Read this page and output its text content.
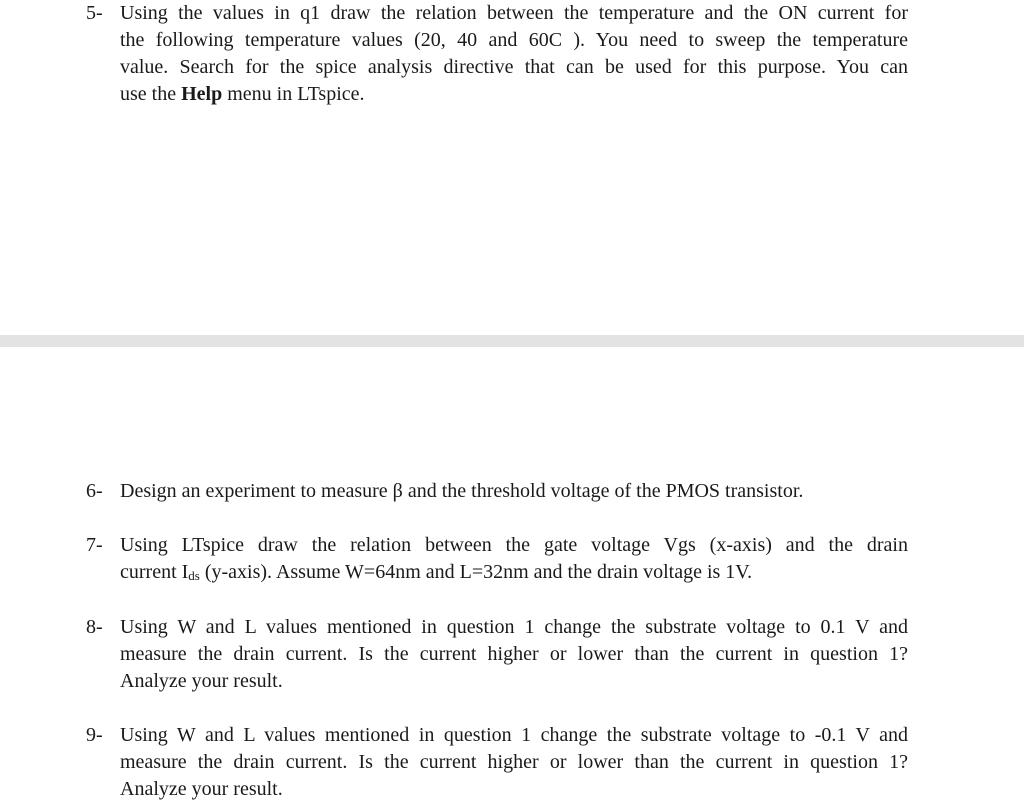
5- Using the values in q1 draw the relation between the temperature and the ON current for
the following temperature values (20, 40 and 60C ). You need to sweep the temperature
value. Search for the spice analysis directive that can be used for this purpose. You can
use the Help menu in LTspice.
6- Design an experiment to measure β and the threshold voltage of the PMOS transistor.
7- Using LTspice draw the relation between the gate voltage Vgs (x-axis) and the drain
current Ids (y-axis). Assume W=64nm and L=32nm and the drain voltage is 1V.
8- Using W and L values mentioned in question 1 change the substrate voltage to 0.1 V and
measure the drain current. Is the current higher or lower than the current in question 1?
Analyze your result.
9- Using W and L values mentioned in question 1 change the substrate voltage to -0.1 V and
measure the drain current. Is the current higher or lower than the current in question 1?
Analyze your result.
